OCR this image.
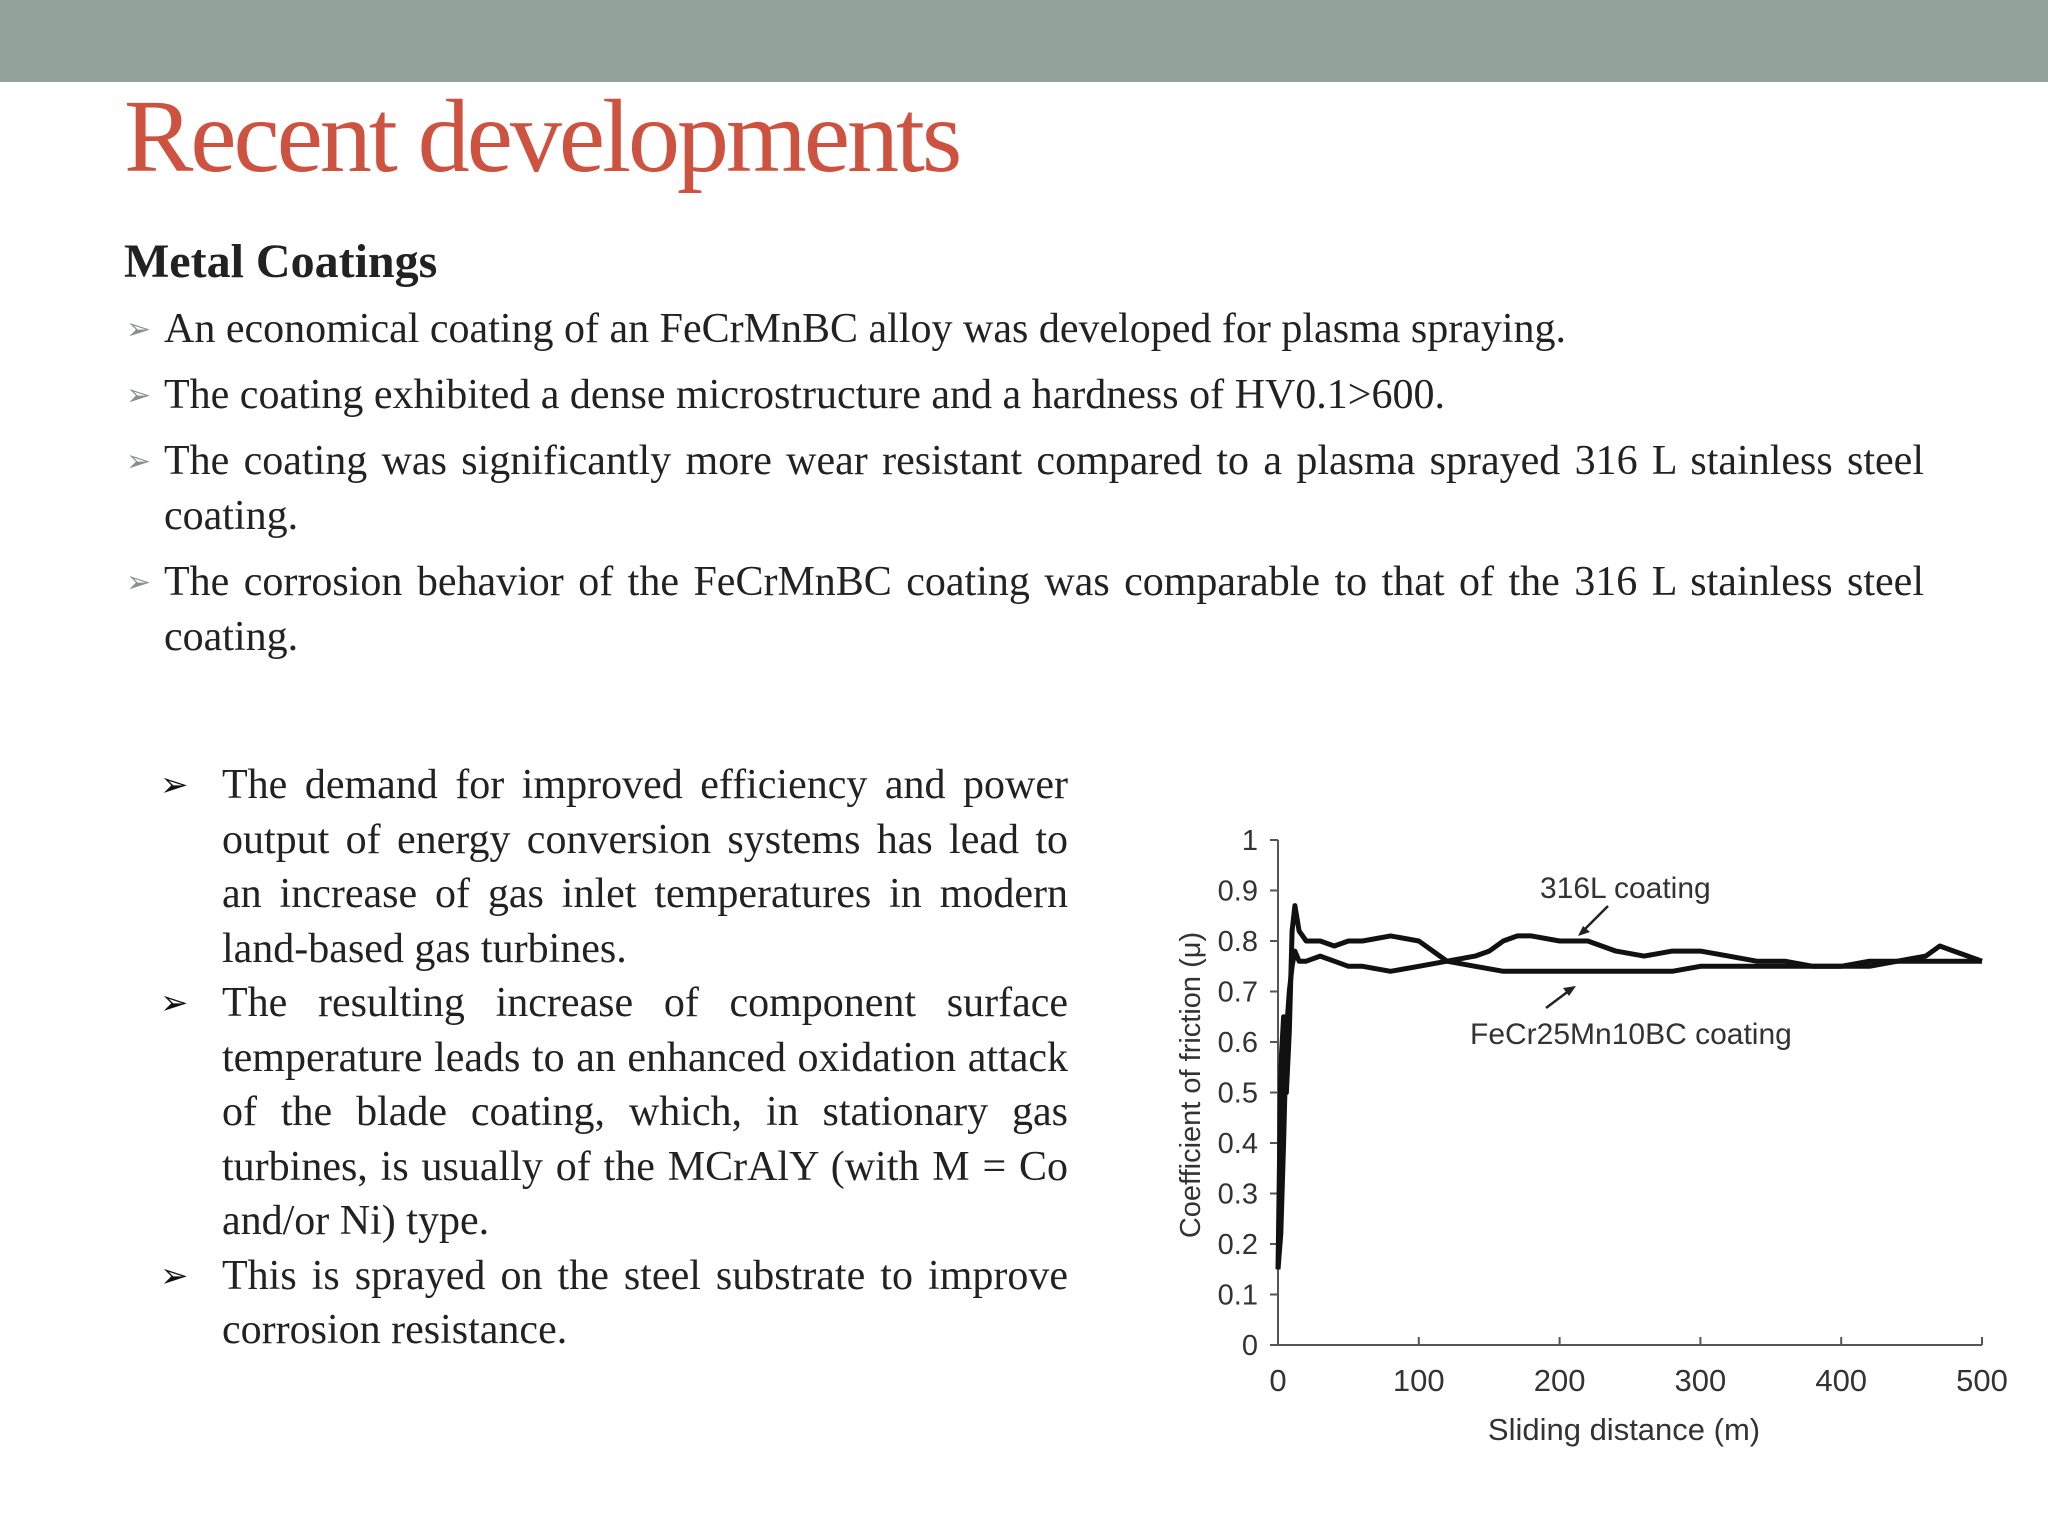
Recent developments
Metal Coatings
➢ An economical coating of an FeCrMnBC alloy was developed for plasma spraying.
➢ The coating exhibited a dense microstructure and a hardness of HV0.1>600.
➢ The coating was significantly more wear resistant compared to a plasma sprayed 316 L stainless steel coating.
➢ The corrosion behavior of the FeCrMnBC coating was comparable to that of the 316 L stainless steel coating.
➢ The demand for improved efficiency and power output of energy conversion systems has lead to an increase of gas inlet temperatures in modern land-based gas turbines.
➢ The resulting increase of component surface temperature leads to an enhanced oxidation attack of the blade coating, which, in stationary gas turbines, is usually of the MCrAlY (with M = Co and/or Ni) type.
➢ This is sprayed on the steel substrate to improve corrosion resistance.
Coefficient of friction (μ)
Sliding distance (m)
0
0.1
0.2
0.3
0.4
0.5
0.6
0.7
0.8
0.9
1
0	100	200	300	400	500
316L coating
FeCr25Mn10BC coating
